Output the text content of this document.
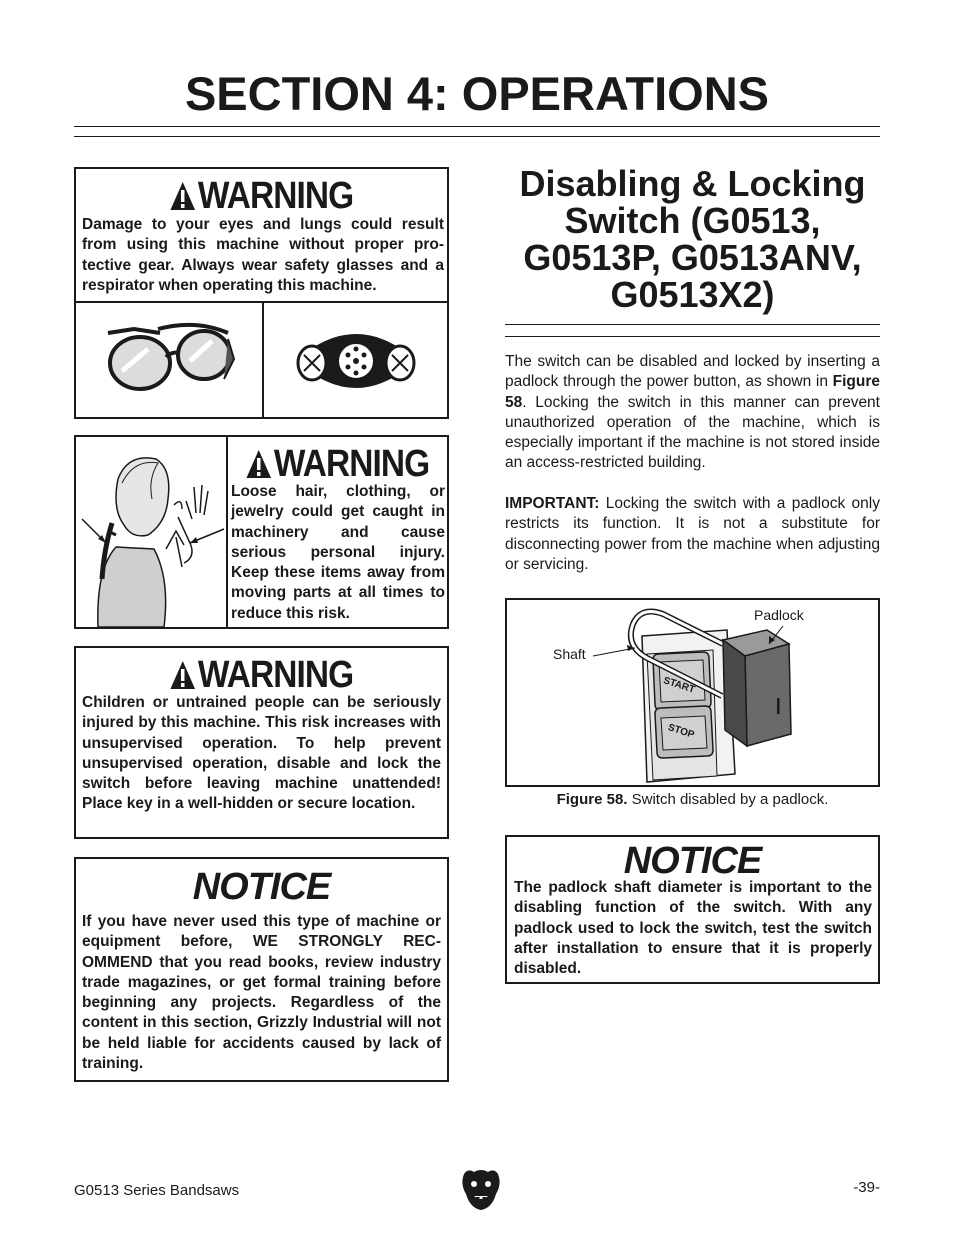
SECTION 4: OPERATIONS
WARNING
Damage to your eyes and lungs could result from using this machine without proper pro-tective gear. Always wear safety glasses and a respirator when operating this machine.
WARNING
Loose hair, clothing, or jewelry could get caught in machinery and cause serious personal injury. Keep these items away from moving parts at all times to reduce this risk.
WARNING
Children or untrained people can be seriously injured by this machine. This risk increases with unsupervised operation. To help prevent unsupervised operation, disable and lock the switch before leaving machine unattended! Place key in a well-hidden or secure location.
NOTICE
If you have never used this type of machine or equipment before, WE STRONGLY REC-OMMEND that you read books, review industry trade magazines, or get formal training before beginning any projects. Regardless of the content in this section, Grizzly Industrial will not be held liable for accidents caused by lack of training.
Disabling & Locking Switch (G0513, G0513P, G0513ANV, G0513X2)
The switch can be disabled and locked by inserting a padlock through the power button, as shown in Figure 58. Locking the switch in this manner can prevent unauthorized operation of the machine, which is especially important if the machine is not stored inside an access-restricted building.
IMPORTANT: Locking the switch with a padlock only restricts its function. It is not a substitute for disconnecting power from the machine when adjusting or servicing.
START
STOP
Padlock
Shaft
Figure 58. Switch disabled by a padlock.
NOTICE
The padlock shaft diameter is important to the disabling function of the switch. With any padlock used to lock the switch, test the switch after installation to ensure that it is properly disabled.
G0513 Series Bandsaws	-39-
